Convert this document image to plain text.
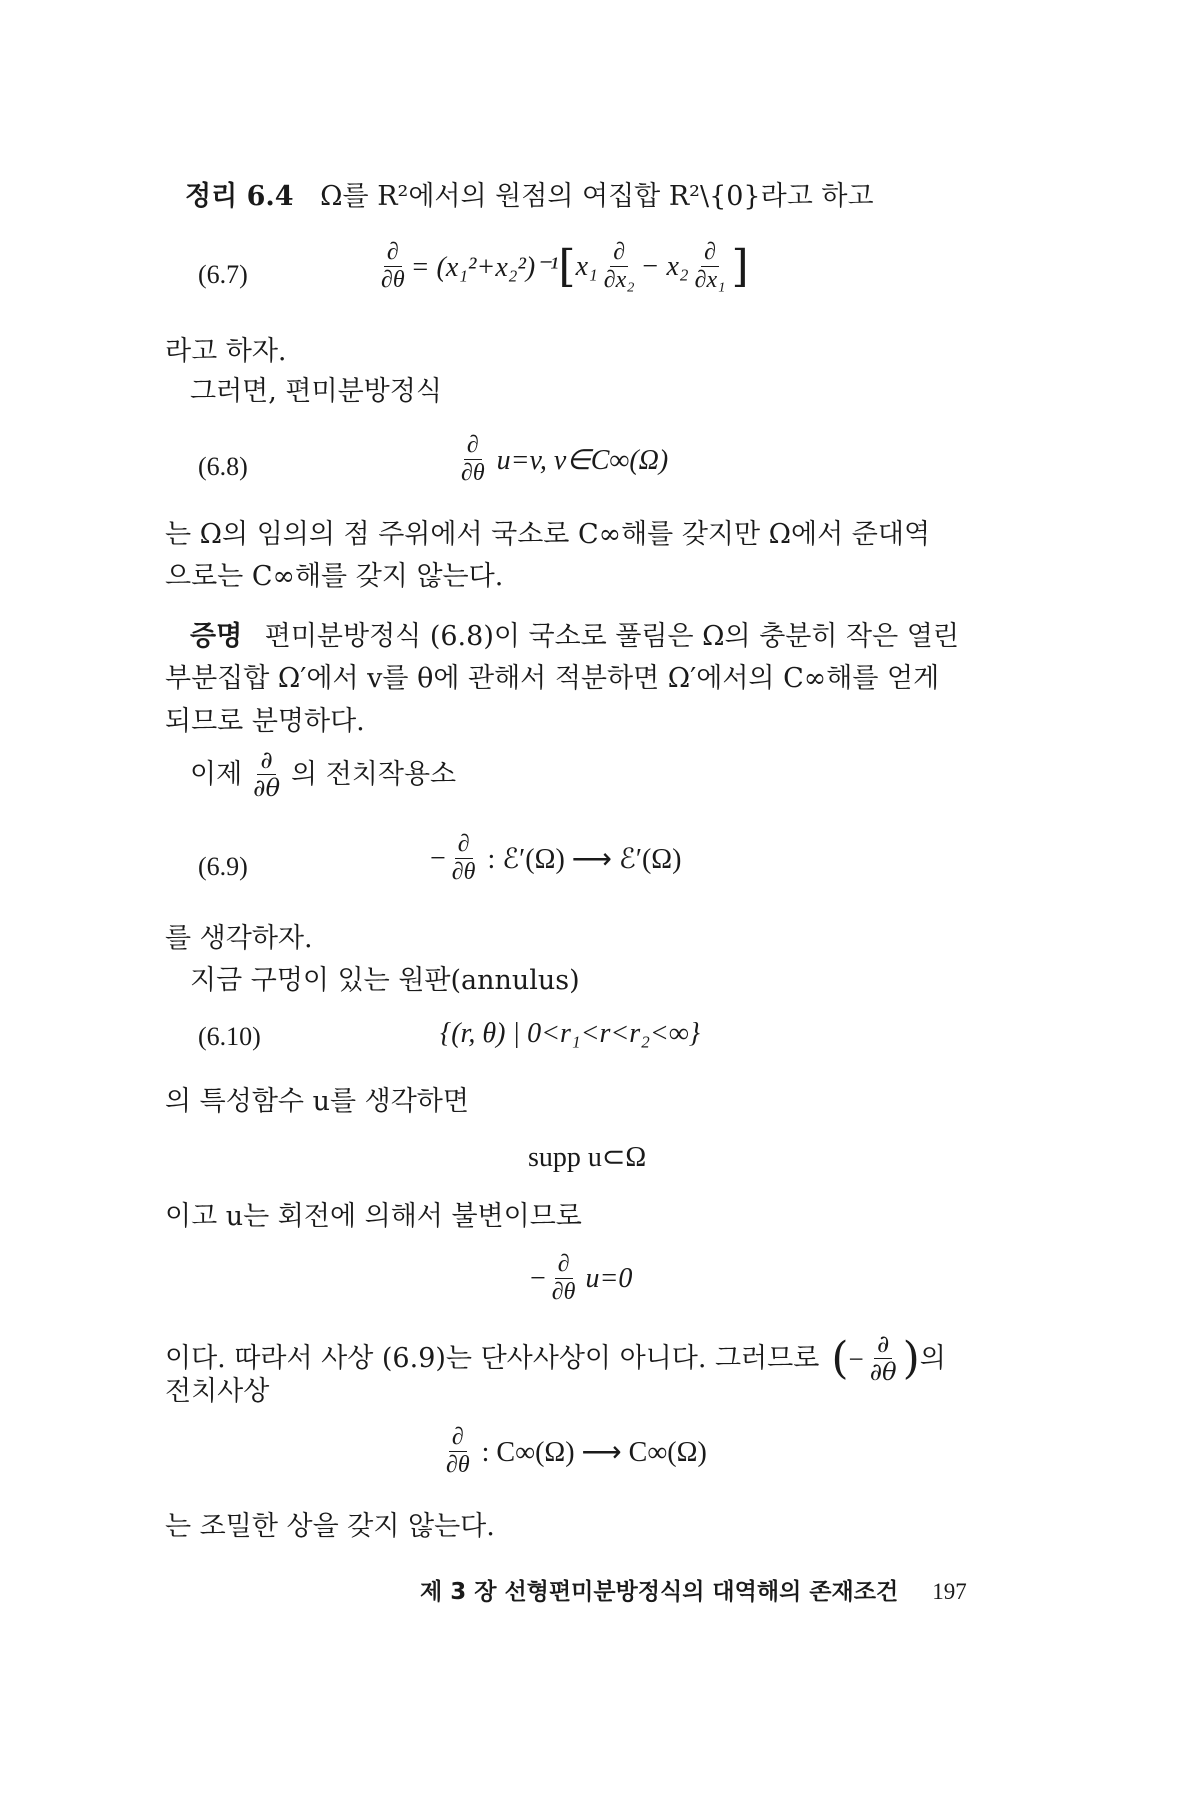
정리 6.4 Ω를 R²에서의 원점의 여집합 R²\{0}라고 하고
(6.7)	$\frac{\partial}{\partial\theta} = (x_1^2+x_2^2)^{-1}$ [ $x_1 \frac{\partial}{\text{∂x₂}} - x_2 \frac{\partial}{\text{∂x₁}}$ ]
라고 하자.
그러면, 편미분방정식
(6.8)	$\frac{\partial}{\partial\theta} u=v$, v∈C∞(Ω)
는 Ω의 임의의 점 주위에서 국소로 C∞해를 갖지만 Ω에서 준대역
으로는 C∞해를 갖지 않는다.
증명 편미분방정식 (6.8)이 국소로 풀림은 Ω의 충분히 작은 열린
부분집합 Ω′에서 v를 θ에 관해서 적분하면 Ω′에서의 C∞해를 얻게
되므로 분명하다.
이제 $\frac{\partial}{\partial\theta}$ 의 전치작용소
(6.9)	− $\frac{\partial}{\partial\theta}$ : ℰ′(Ω) ⟶ ℰ′(Ω)
를 생각하자.
지금 구멍이 있는 원판(annulus)
(6.10)	{(r, θ) | 0<r₁<r<r₂<∞}
의 특성함수 u를 생각하면
supp u⊂Ω
이고 u는 회전에 의해서 불변이므로
− $\frac{\partial}{\partial\theta} u=0$
이다. 따라서 사상 (6.9)는 단사사상이 아니다. 그러므로 ( − $\frac{\partial}{\partial\theta}$ ) 의
전치사상
$\frac{\partial}{\partial\theta}$ : C∞(Ω) ⟶ C∞(Ω)
는 조밀한 상을 갖지 않는다.
제 3 장 선형편미분방정식의 대역해의 존재조건 197
